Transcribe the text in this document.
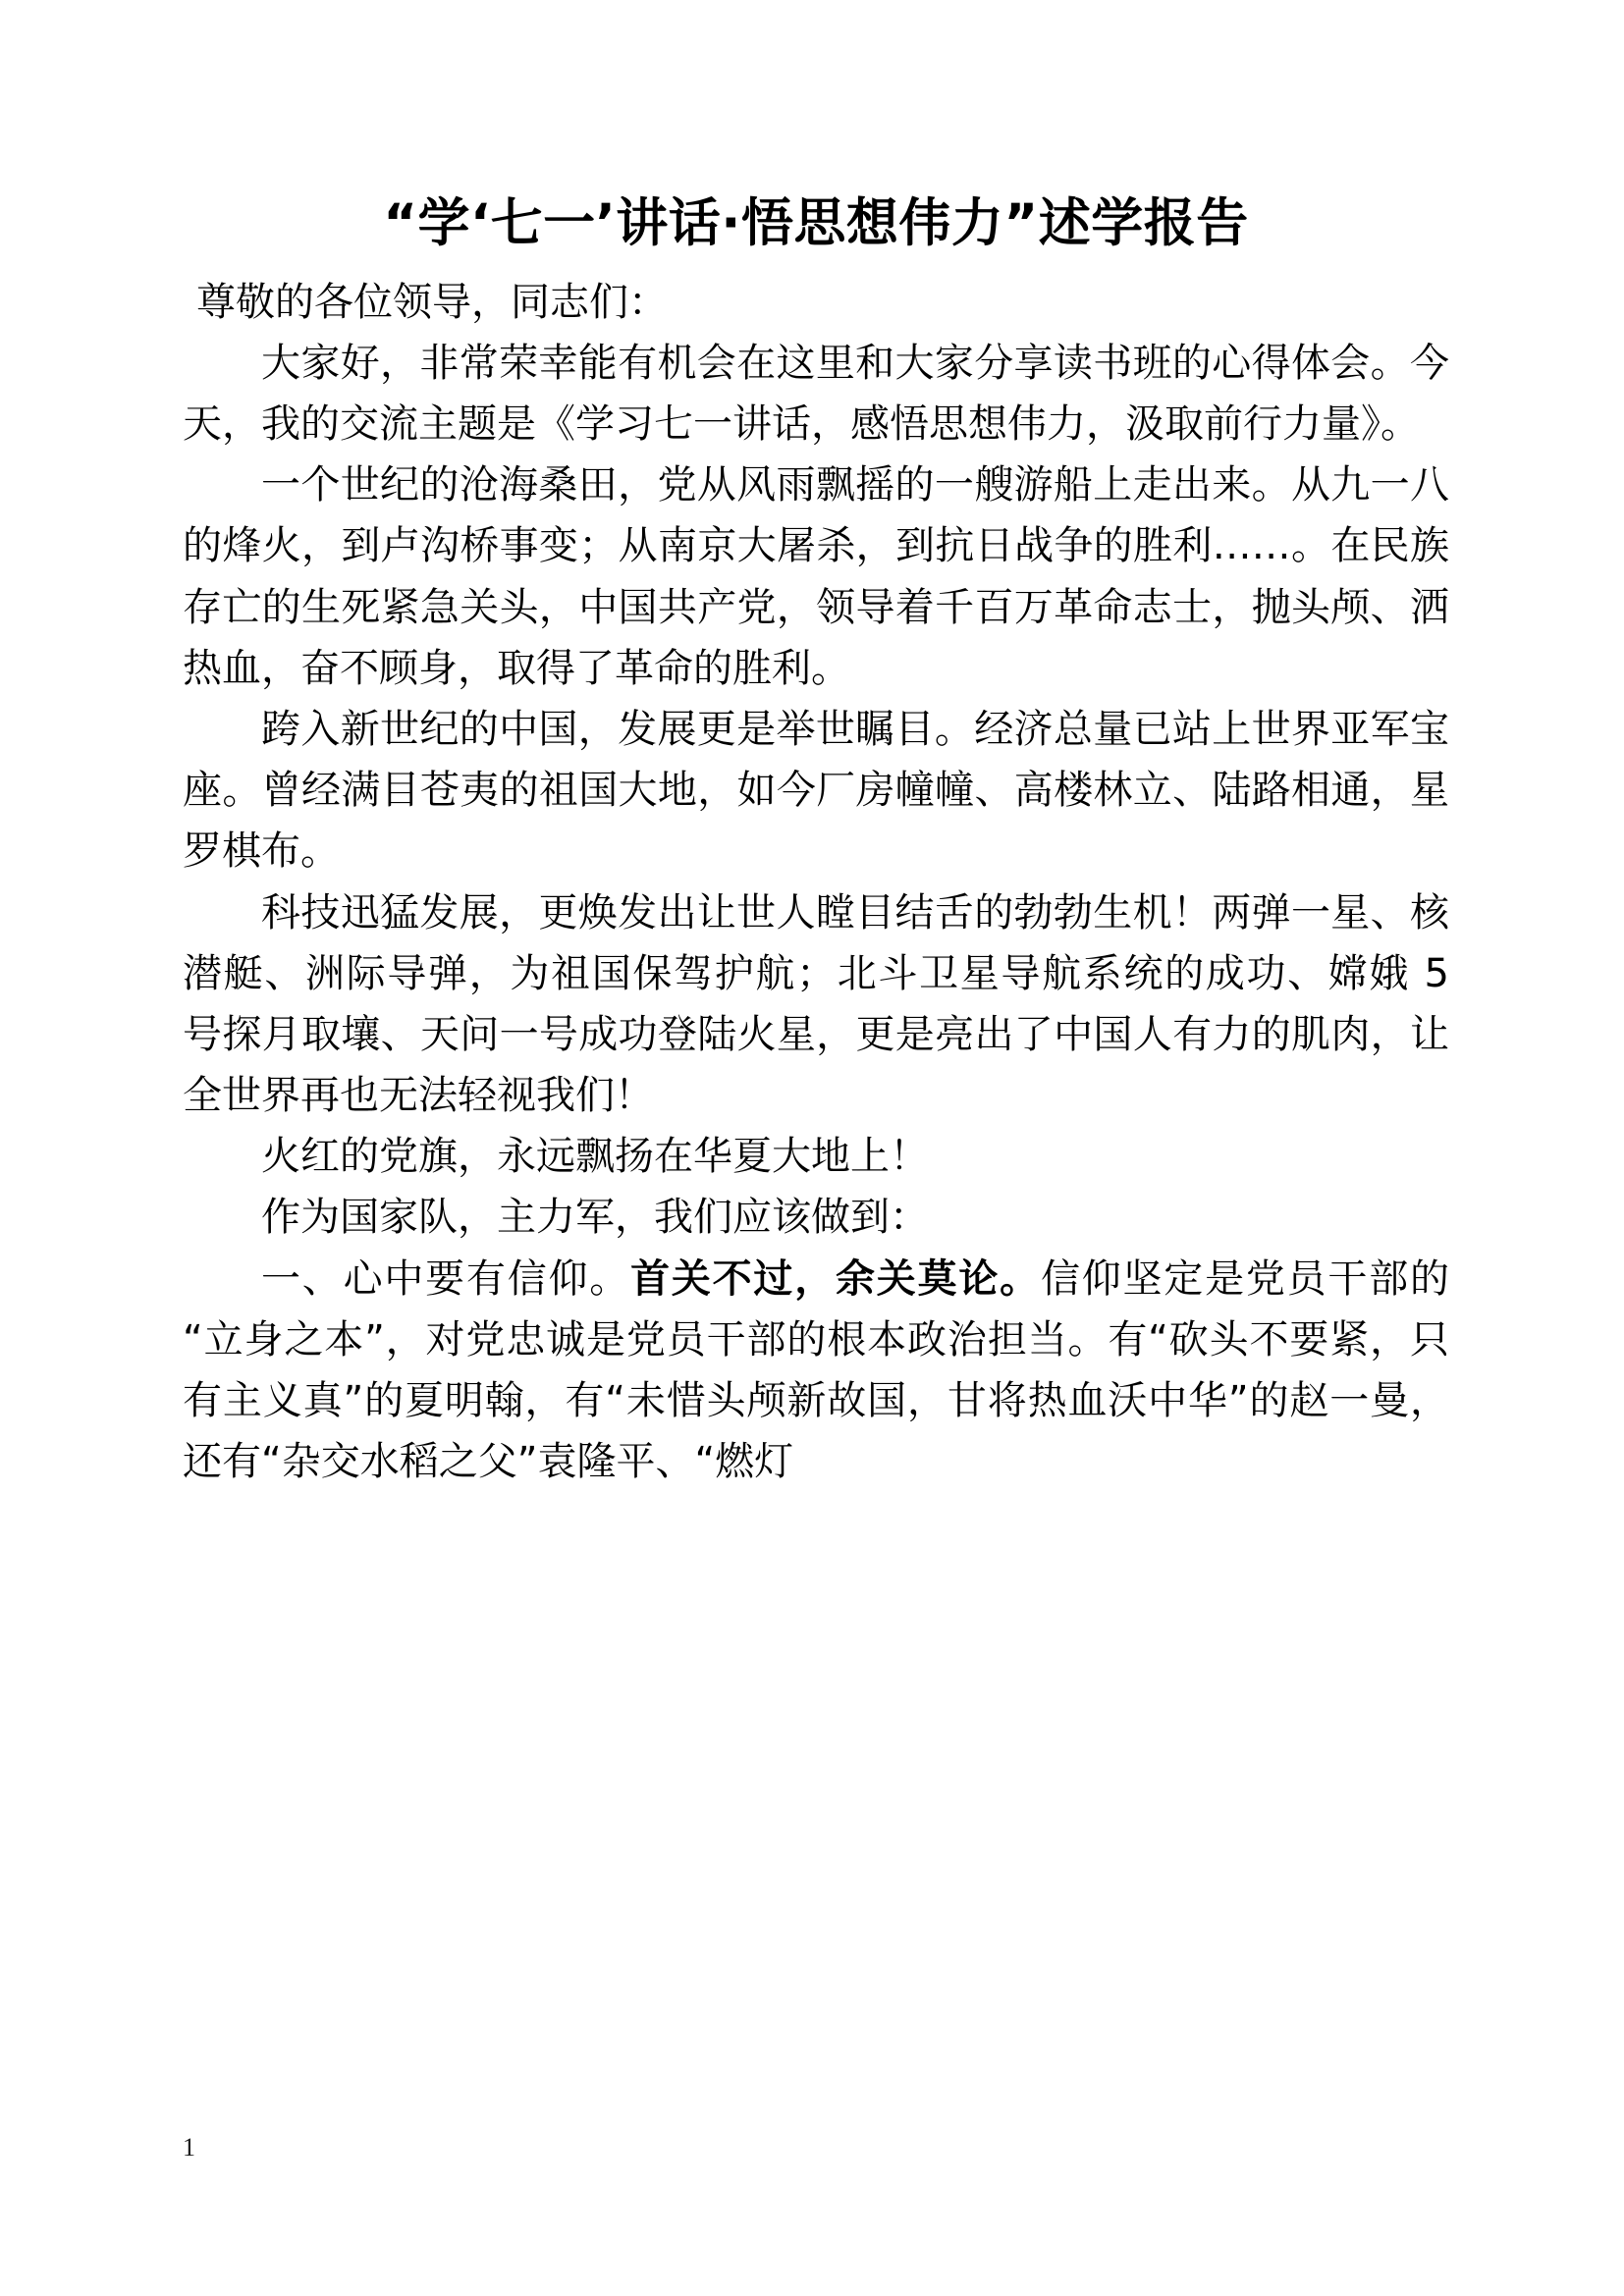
“学‘七一’讲话·悟思想伟力”述学报告

尊敬的各位领导，同志们：

大家好，非常荣幸能有机会在这里和大家分享读书班的心得体会。今天，我的交流主题是《学习七一讲话，感悟思想伟力，汲取前行力量》。

一个世纪的沧海桑田，党从风雨飘摇的一艘游船上走出来。从九一八的烽火，到卢沟桥事变；从南京大屠杀，到抗日战争的胜利……。在民族存亡的生死紧急关头，中国共产党，领导着千百万革命志士，抛头颅、洒热血，奋不顾身，取得了革命的胜利。

跨入新世纪的中国，发展更是举世瞩目。经济总量已站上世界亚军宝座。曾经满目苍夷的祖国大地，如今厂房幢幢、高楼林立、陆路相通，星罗棋布。

科技迅猛发展，更焕发出让世人瞠目结舌的勃勃生机！两弹一星、核潜艇、洲际导弹，为祖国保驾护航；北斗卫星导航系统的成功、嫦娥 5 号探月取壤、天问一号成功登陆火星，更是亮出了中国人有力的肌肉，让全世界再也无法轻视我们！

火红的党旗，永远飘扬在华夏大地上！

作为国家队，主力军，我们应该做到：

一、心中要有信仰。首关不过，余关莫论。信仰坚定是党员干部的“立身之本”，对党忠诚是党员干部的根本政治担当。有“砍头不要紧，只有主义真”的夏明翰，有“未惜头颅新故国，甘将热血沃中华”的赵一曼，还有“杂交水稻之父”袁隆平、“燃灯

1
